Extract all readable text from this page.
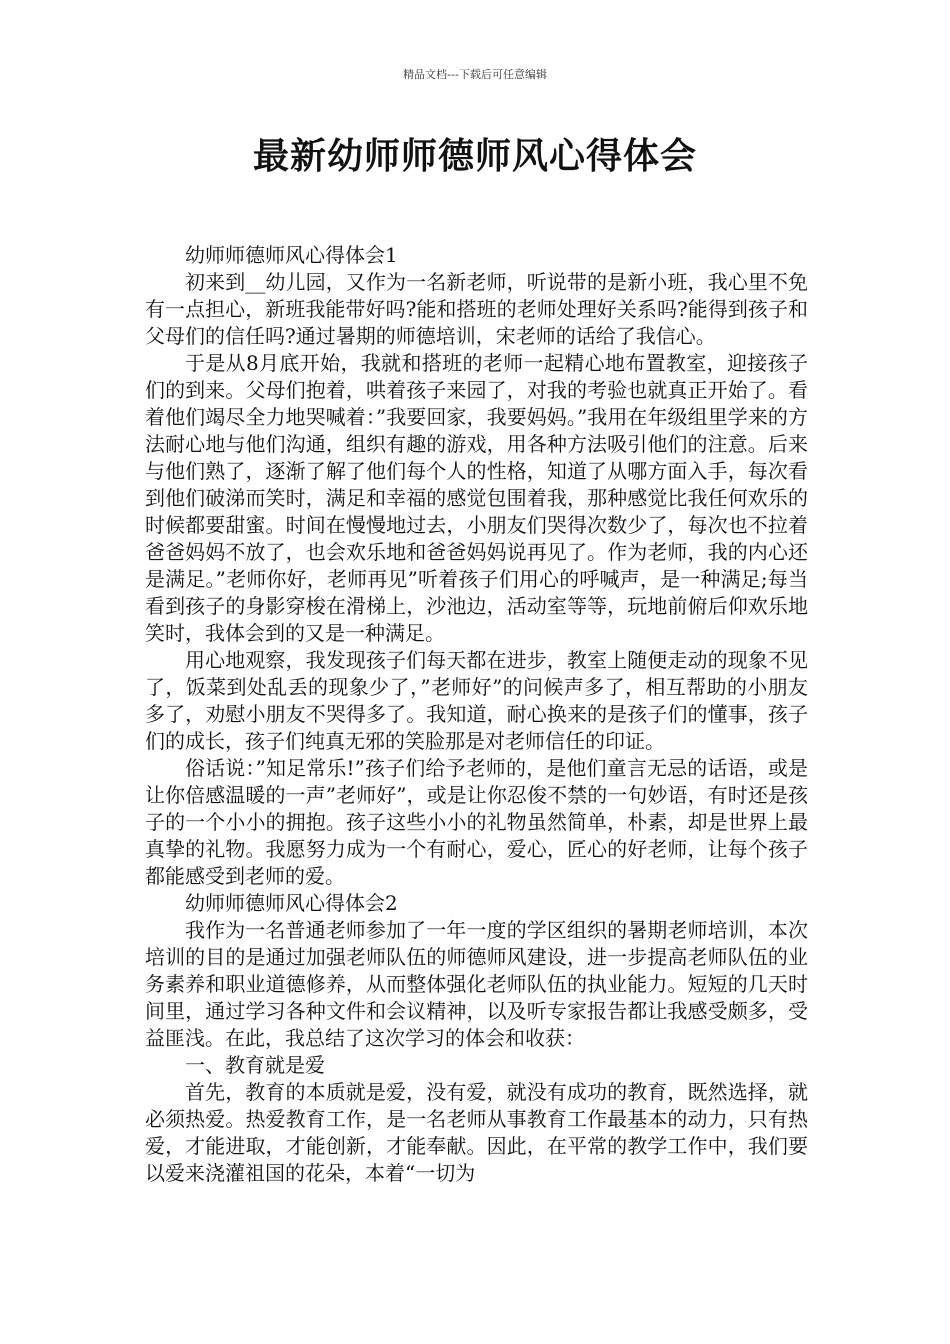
精品文档---下载后可任意编辑
最新幼师师德师风心得体会

幼师师德师风心得体会1

初来到__幼儿园，又作为一名新老师，听说带的是新小班，我心里不免有一点担心，新班我能带好吗?能和搭班的老师处理好关系吗?能得到孩子和父母们的信任吗?通过暑期的师德培训，宋老师的话给了我信心。

于是从8月底开始，我就和搭班的老师一起精心地布置教室，迎接孩子们的到来。父母们抱着，哄着孩子来园了，对我的考验也就真正开始了。看着他们竭尽全力地哭喊着：”我要回家，我要妈妈。”我用在年级组里学来的方法耐心地与他们沟通，组织有趣的游戏，用各种方法吸引他们的注意。后来与他们熟了，逐渐了解了他们每个人的性格，知道了从哪方面入手，每次看到他们破涕而笑时，满足和幸福的感觉包围着我，那种感觉比我任何欢乐的时候都要甜蜜。时间在慢慢地过去，小朋友们哭得次数少了，每次也不拉着爸爸妈妈不放了，也会欢乐地和爸爸妈妈说再见了。作为老师，我的内心还是满足。”老师你好，老师再见”听着孩子们用心的呼喊声，是一种满足;每当看到孩子的身影穿梭在滑梯上，沙池边，活动室等等，玩地前俯后仰欢乐地笑时，我体会到的又是一种满足。

用心地观察，我发现孩子们每天都在进步，教室上随便走动的现象不见了，饭菜到处乱丢的现象少了，”老师好”的问候声多了，相互帮助的小朋友多了，劝慰小朋友不哭得多了。我知道，耐心换来的是孩子们的懂事，孩子们的成长，孩子们纯真无邪的笑脸那是对老师信任的印证。

俗话说：”知足常乐!”孩子们给予老师的，是他们童言无忌的话语，或是让你倍感温暖的一声”老师好”，或是让你忍俊不禁的一句妙语，有时还是孩子的一个小小的拥抱。孩子这些小小的礼物虽然简单，朴素，却是世界上最真挚的礼物。我愿努力成为一个有耐心，爱心，匠心的好老师，让每个孩子都能感受到老师的爱。

幼师师德师风心得体会2

我作为一名普通老师参加了一年一度的学区组织的暑期老师培训，本次培训的目的是通过加强老师队伍的师德师风建设，进一步提高老师队伍的业务素养和职业道德修养，从而整体强化老师队伍的执业能力。短短的几天时间里，通过学习各种文件和会议精神，以及听专家报告都让我感受颇多，受益匪浅。在此，我总结了这次学习的体会和收获：

一、教育就是爱

首先，教育的本质就是爱，没有爱，就没有成功的教育，既然选择，就必须热爱。热爱教育工作，是一名老师从事教育工作最基本的动力，只有热爱，才能进取，才能创新，才能奉献。因此，在平常的教学工作中，我们要以爱来浇灌祖国的花朵，本着“一切为
